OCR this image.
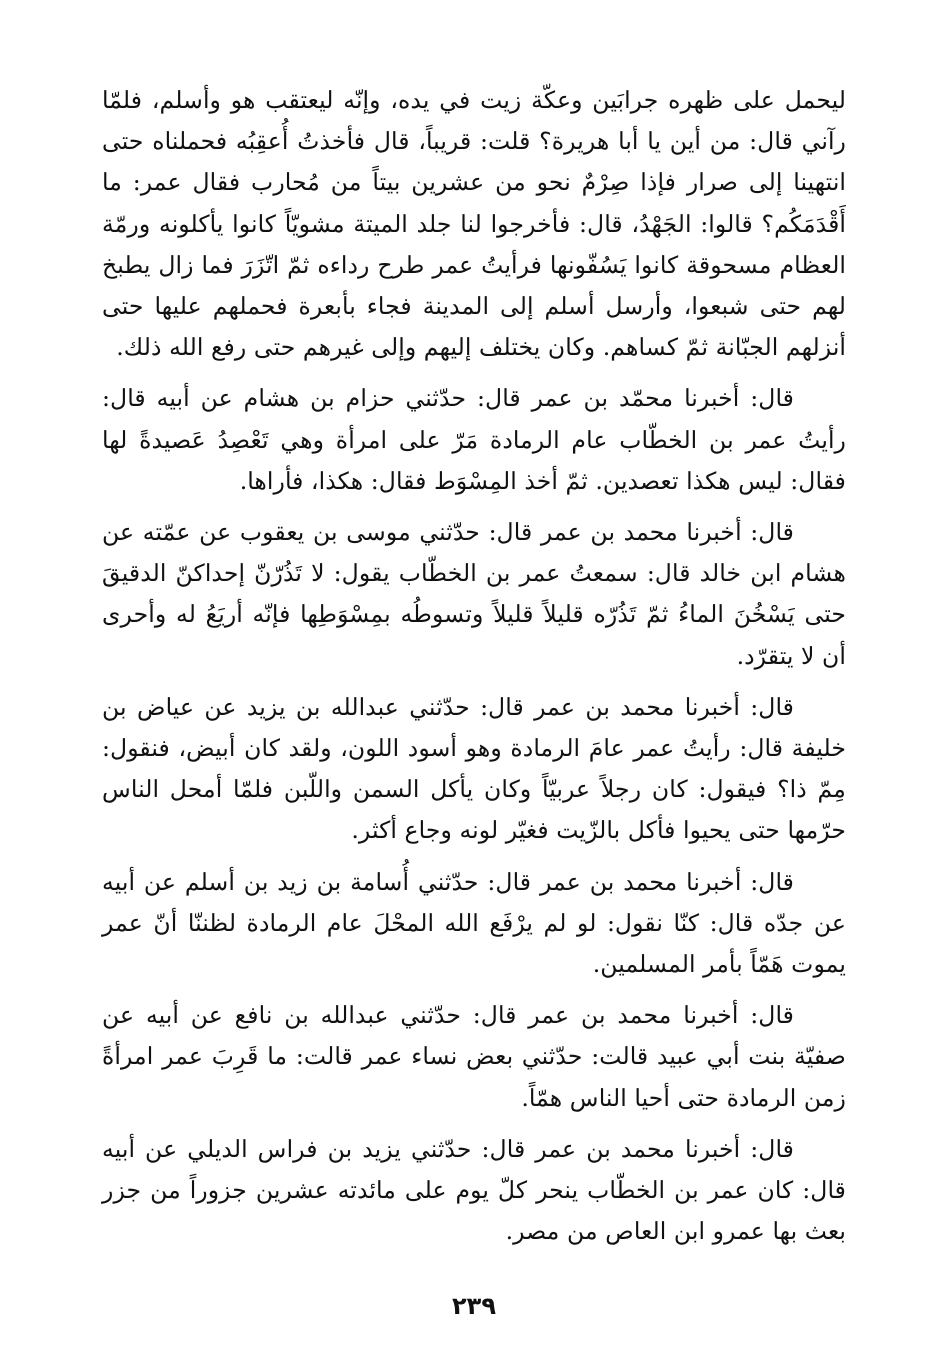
ليحمل على ظهره جرابَين وعكّة زيت في يده، وإنّه ليعتقب هو وأسلم، فلمّا رآني قال: من أين يا أبا هريرة؟ قلت: قريباً، قال فأخذتُ أُعقِبُه فحملناه حتى انتهينا إلى صرار فإذا صِرْمٌ نحو من عشرين بيتاً من مُحارب فقال عمر: ما أَقْدَمَكُم؟ قالوا: الجَهْدُ، قال: فأخرجوا لنا جلد الميتة مشويّاً كانوا يأكلونه ورمّة العظام مسحوقة كانوا يَسُفّونها فرأيتُ عمر طرح رداءه ثمّ اتّزَرَ فما زال يطبخ لهم حتى شبعوا، وأرسل أسلم إلى المدينة فجاء بأبعرة فحملهم عليها حتى أنزلهم الجبّانة ثمّ كساهم. وكان يختلف إليهم وإلى غيرهم حتى رفع الله ذلك.

قال: أخبرنا محمّد بن عمر قال: حدّثني حزام بن هشام عن أبيه قال: رأيتُ عمر بن الخطّاب عام الرمادة مَرّ على امرأة وهي تَعْصِدُ عَصيدةً لها فقال: ليس هكذا تعصدين. ثمّ أخذ المِسْوَط فقال: هكذا، فأراها.

قال: أخبرنا محمد بن عمر قال: حدّثني موسى بن يعقوب عن عمّته عن هشام ابن خالد قال: سمعتُ عمر بن الخطّاب يقول: لا تَذُرّنّ إحداكنّ الدقيقَ حتى يَسْخُنَ الماءُ ثمّ تَذُرّه قليلاً قليلاً وتسوطُه بمِسْوَطِها فإنّه أريَعُ له وأحرى أن لا يتقرّد.

قال: أخبرنا محمد بن عمر قال: حدّثني عبدالله بن يزيد عن عياض بن خليفة قال: رأيتُ عمر عامَ الرمادة وهو أسود اللون، ولقد كان أبيض، فنقول: مِمّ ذا؟ فيقول: كان رجلاً عربيّاً وكان يأكل السمن واللّبن فلمّا أمحل الناس حرّمها حتى يحيوا فأكل بالزّيت فغيّر لونه وجاع أكثر.

قال: أخبرنا محمد بن عمر قال: حدّثني أُسامة بن زيد بن أسلم عن أبيه عن جدّه قال: كنّا نقول: لو لم يرْفَع الله المحْلَ عام الرمادة لظننّا أنّ عمر يموت هَمّاً بأمر المسلمين.

قال: أخبرنا محمد بن عمر قال: حدّثني عبدالله بن نافع عن أبيه عن صفيّة بنت أبي عبيد قالت: حدّثني بعض نساء عمر قالت: ما قَرِبَ عمر امرأةً زمن الرمادة حتى أحيا الناس همّاً.

قال: أخبرنا محمد بن عمر قال: حدّثني يزيد بن فراس الديلي عن أبيه قال: كان عمر بن الخطّاب ينحر كلّ يوم على مائدته عشرين جزوراً من جزر بعث بها عمرو ابن العاص من مصر.

٢٣٩
